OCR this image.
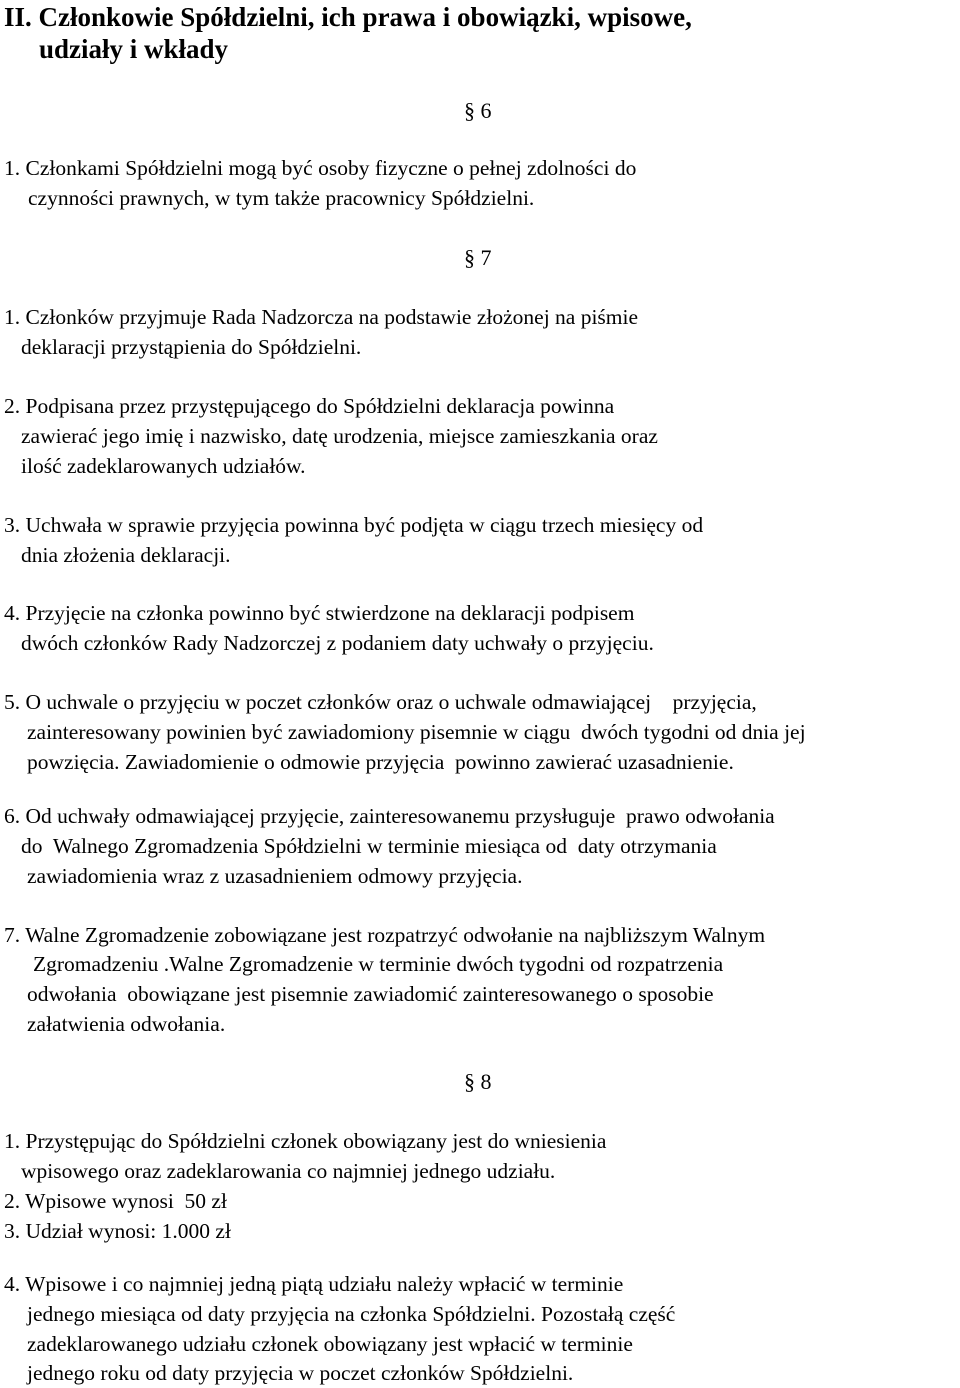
II. Członkowie Spółdzielni, ich prawa i obowiązki, wpisowe,
udziały i wkłady
§ 6
1. Członkami Spółdzielni mogą być osoby fizyczne o pełnej zdolności do
czynności prawnych, w tym także pracownicy Spółdzielni.
§ 7
1. Członków przyjmuje Rada Nadzorcza na podstawie złożonej na piśmie
deklaracji przystąpienia do Spółdzielni.
2. Podpisana przez przystępującego do Spółdzielni deklaracja powinna
zawierać jego imię i nazwisko, datę urodzenia, miejsce zamieszkania oraz
ilość zadeklarowanych udziałów.
3. Uchwała w sprawie przyjęcia powinna być podjęta w ciągu trzech miesięcy od
dnia złożenia deklaracji.
4. Przyjęcie na członka powinno być stwierdzone na deklaracji podpisem
dwóch członków Rady Nadzorczej z podaniem daty uchwały o przyjęciu.
5. O uchwale o przyjęciu w poczet członków oraz o uchwale odmawiającej    przyjęcia,
zainteresowany powinien być zawiadomiony pisemnie w ciągu  dwóch tygodni od dnia jej
powzięcia. Zawiadomienie o odmowie przyjęcia  powinno zawierać uzasadnienie.
6. Od uchwały odmawiającej przyjęcie, zainteresowanemu przysługuje  prawo odwołania
do  Walnego Zgromadzenia Spółdzielni w terminie miesiąca od  daty otrzymania
zawiadomienia wraz z uzasadnieniem odmowy przyjęcia.
7. Walne Zgromadzenie zobowiązane jest rozpatrzyć odwołanie na najbliższym Walnym
Zgromadzeniu .Walne Zgromadzenie w terminie dwóch tygodni od rozpatrzenia
odwołania  obowiązane jest pisemnie zawiadomić zainteresowanego o sposobie
załatwienia odwołania.
§ 8
1. Przystępując do Spółdzielni członek obowiązany jest do wniesienia
wpisowego oraz zadeklarowania co najmniej jednego udziału.
2. Wpisowe wynosi  50 zł
3. Udział wynosi: 1.000 zł
4. Wpisowe i co najmniej jedną piątą udziału należy wpłacić w terminie
jednego miesiąca od daty przyjęcia na członka Spółdzielni. Pozostałą część
zadeklarowanego udziału członek obowiązany jest wpłacić w terminie
jednego roku od daty przyjęcia w poczet członków Spółdzielni.
